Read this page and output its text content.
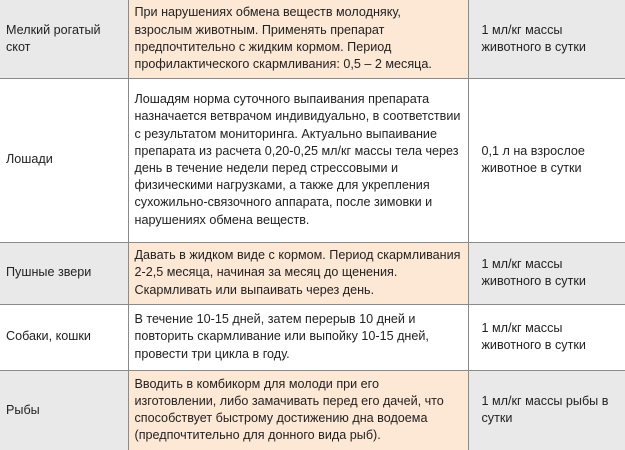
Мелкий рогатый скот	При нарушениях обмена веществ молодняку, взрослым животным. Применять препарат предпочтительно с жидким кормом. Период профилактического скармливания: 0,5 – 2 месяца.	1 мл/кг массы животного в сутки
Лошади	Лошадям норма суточного выпаивания препарата назначается ветврачом индивидуально, в соответствии с результатом мониторинга. Актуально выпаивание препарата из расчета 0,20-0,25 мл/кг массы тела через день в течение недели перед стрессовыми и физическими нагрузками, а также для укрепления сухожильно-связочного аппарата, после зимовки и нарушениях обмена веществ.	0,1 л на взрослое животное в сутки
Пушные звери	Давать в жидком виде с кормом. Период скармливания 2-2,5 месяца, начиная за месяц до щенения. Скармливать или выпаивать через день.	1 мл/кг массы животного в сутки
Собаки, кошки	В течение 10-15 дней, затем перерыв 10 дней и повторить скармливание или выпойку 10-15 дней, провести три цикла в году.	1 мл/кг массы животного в сутки
Рыбы	Вводить в комбикорм для молоди при его изготовлении, либо замачивать перед его дачей, что способствует быстрому достижению дна водоема (предпочтительно для донного вида рыб).	1 мл/кг массы рыбы в сутки
